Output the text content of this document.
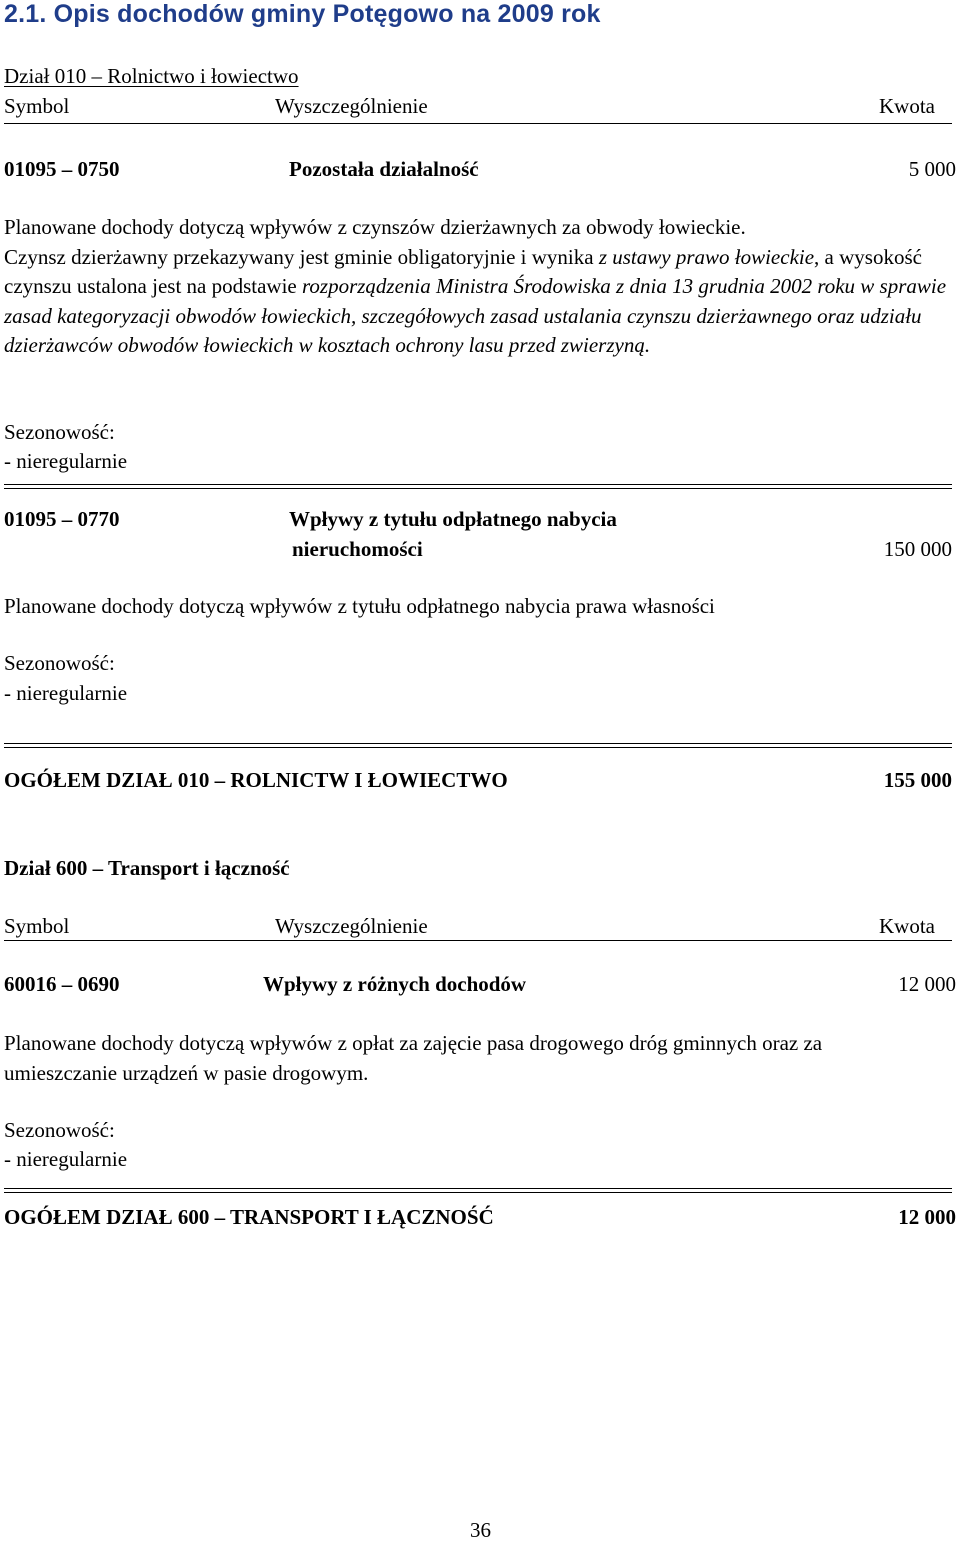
2.1. Opis dochodów gminy Potęgowo na 2009 rok
Dział 010 – Rolnictwo i łowiectwo
Symbol	Wyszczególnienie	Kwota
01095 – 0750	Pozostała działalność	5 000
Planowane dochody dotyczą wpływów z czynszów dzierżawnych za obwody łowieckie.
Czynsz dzierżawny przekazywany jest gminie obligatoryjnie i wynika z ustawy prawo łowieckie, a wysokość czynszu ustalona jest na podstawie rozporządzenia Ministra Środowiska z dnia 13 grudnia 2002 roku w sprawie zasad kategoryzacji obwodów łowieckich, szczegółowych zasad ustalania czynszu dzierżawnego oraz udziału dzierżawców obwodów łowieckich w kosztach ochrony lasu przed zwierzyną.
Sezonowość:
- nieregularnie
01095 – 0770	Wpływy z tytułu odpłatnego nabycia
nieruchomości	150 000
Planowane dochody dotyczą wpływów z tytułu odpłatnego nabycia prawa własności
Sezonowość:
- nieregularnie
OGÓŁEM DZIAŁ 010 – ROLNICTW I ŁOWIECTWO	155 000
Dział 600 – Transport i łączność
Symbol	Wyszczególnienie	Kwota
60016 – 0690	Wpływy z różnych dochodów	12 000
Planowane dochody dotyczą wpływów z opłat za zajęcie pasa drogowego dróg gminnych oraz za umieszczanie urządzeń w pasie drogowym.
Sezonowość:
- nieregularnie
OGÓŁEM DZIAŁ 600 – TRANSPORT I ŁĄCZNOŚĆ	12 000
36
